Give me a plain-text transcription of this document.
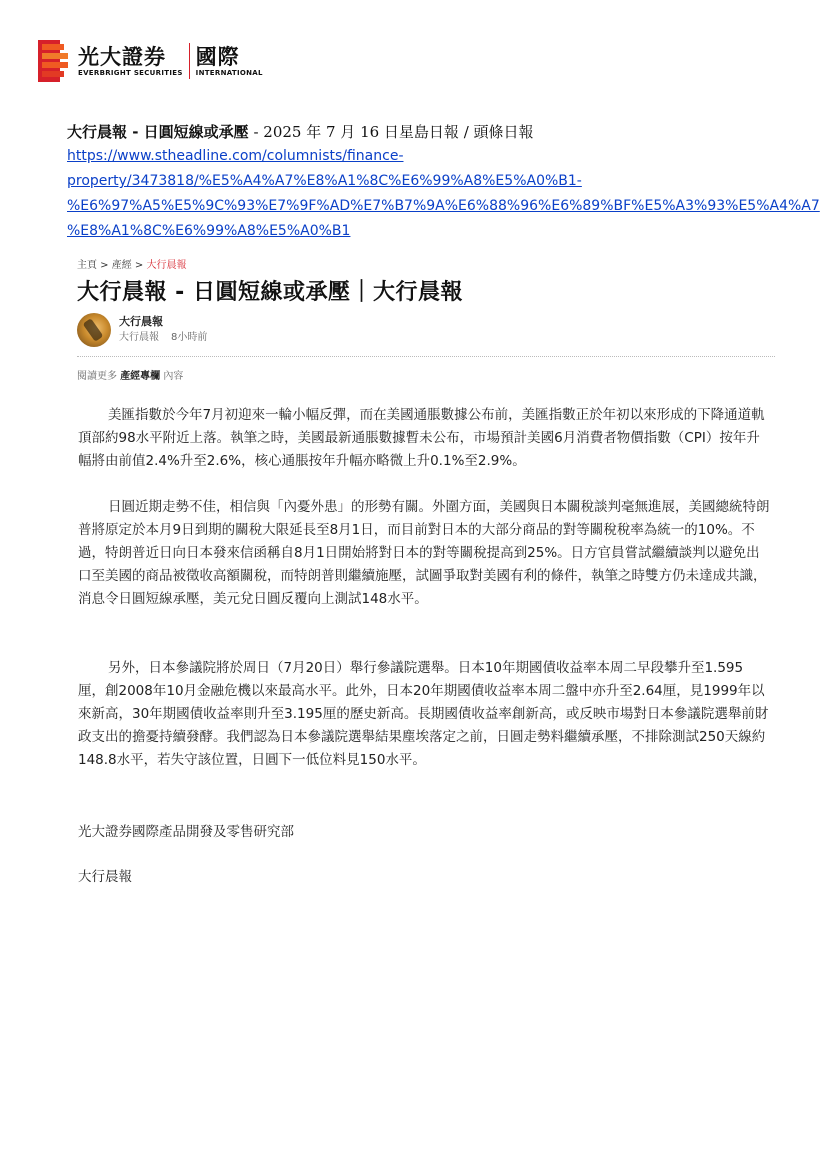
光大證券
EVERBRIGHT SECURITIES
國際
INTERNATIONAL
大行晨報 - 日圓短線或承壓 - 2025 年 7 月 16 日星島日報 / 頭條日報
https://www.stheadline.com/columnists/finance-
property/3473818/%E5%A4%A7%E8%A1%8C%E6%99%A8%E5%A0%B1-
%E6%97%A5%E5%9C%93%E7%9F%AD%E7%B7%9A%E6%88%96%E6%89%BF%E5%A3%93%E5%A4%A7
%E8%A1%8C%E6%99%A8%E5%A0%B1
主頁 > 產經 > 大行晨報
大行晨報 - 日圓短線或承壓｜大行晨報
大行晨報
大行晨報 8小時前
閱讀更多 產經專欄 內容

美匯指數於今年7月初迎來一輪小幅反彈，而在美國通脹數據公布前，美匯指數正於年初以來形成的下降通道軌頂部約98水平附近上落。執筆之時，美國最新通脹數據暫未公布，市場預計美國6月消費者物價指數（CPI）按年升幅將由前值2.4%升至2.6%，核心通脹按年升幅亦略微上升0.1%至2.9%。

日圓近期走勢不佳，相信與「內憂外患」的形勢有關。外圍方面，美國與日本關稅談判毫無進展，美國總統特朗普將原定於本月9日到期的關稅大限延長至8月1日，而目前對日本的大部分商品的對等關稅稅率為統一的10%。不過，特朗普近日向日本發來信函稱自8月1日開始將對日本的對等關稅提高到25%。日方官員嘗試繼續談判以避免出口至美國的商品被徵收高額關稅，而特朗普則繼續施壓，試圖爭取對美國有利的條件，執筆之時雙方仍未達成共識，消息令日圓短線承壓，美元兌日圓反覆向上測試148水平。

另外，日本參議院將於周日（7月20日）舉行參議院選舉。日本10年期國債收益率本周二早段攀升至1.595厘，創2008年10月金融危機以來最高水平。此外，日本20年期國債收益率本周二盤中亦升至2.64厘，見1999年以來新高，30年期國債收益率則升至3.195厘的歷史新高。長期國債收益率創新高，或反映市場對日本參議院選舉前財政支出的擔憂持續發酵。我們認為日本參議院選舉結果塵埃落定之前，日圓走勢料繼續承壓，不排除測試250天線約148.8水平，若失守該位置，日圓下一低位料見150水平。

光大證券國際產品開發及零售研究部
大行晨報
